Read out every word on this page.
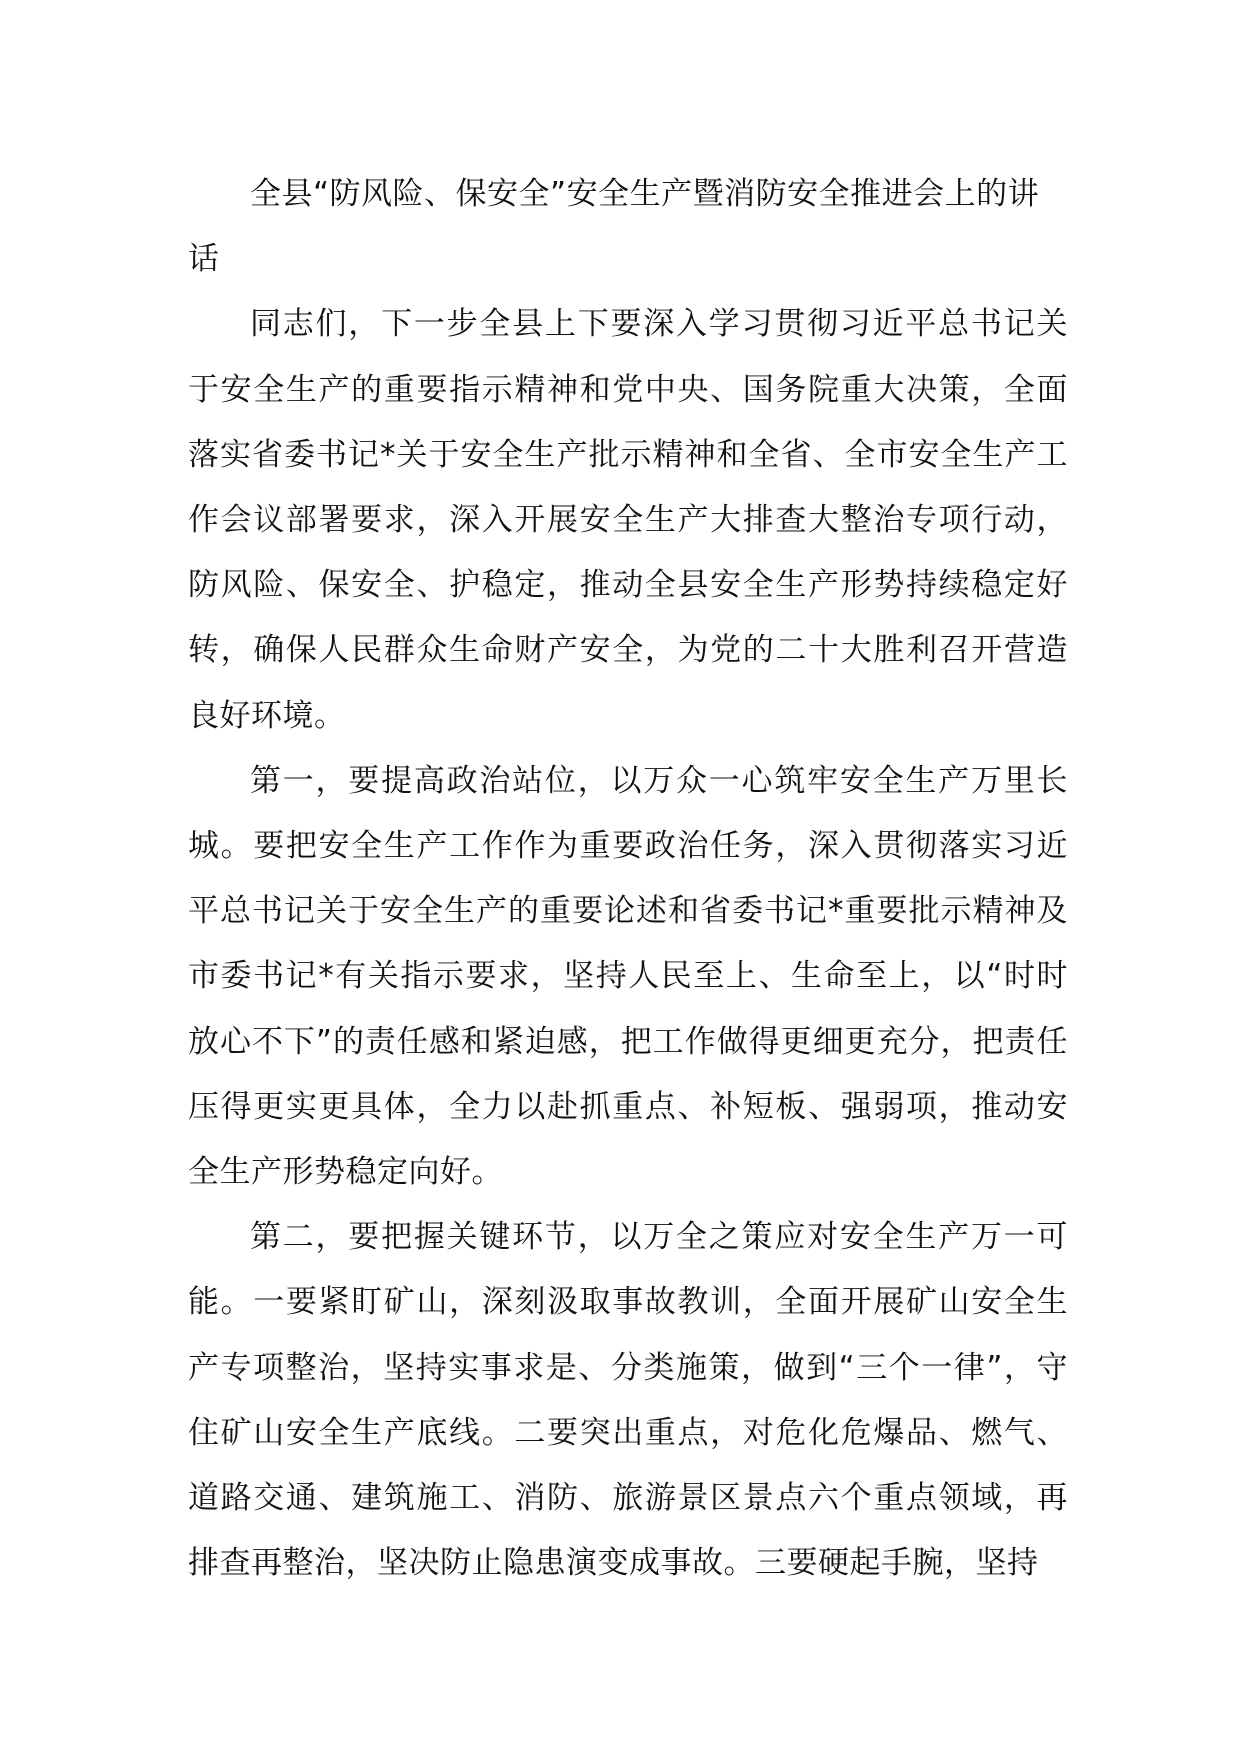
全县“防风险、保安全”安全生产暨消防安全推进会上的讲话

同志们，下一步全县上下要深入学习贯彻习近平总书记关于安全生产的重要指示精神和党中央、国务院重大决策，全面落实省委书记*关于安全生产批示精神和全省、全市安全生产工作会议部署要求，深入开展安全生产大排查大整治专项行动，防风险、保安全、护稳定，推动全县安全生产形势持续稳定好转，确保人民群众生命财产安全，为党的二十大胜利召开营造良好环境。

第一，要提高政治站位，以万众一心筑牢安全生产万里长城。要把安全生产工作作为重要政治任务，深入贯彻落实习近平总书记关于安全生产的重要论述和省委书记*重要批示精神及市委书记*有关指示要求，坚持人民至上、生命至上，以“时时放心不下”的责任感和紧迫感，把工作做得更细更充分，把责任压得更实更具体，全力以赴抓重点、补短板、强弱项，推动安全生产形势稳定向好。

第二，要把握关键环节，以万全之策应对安全生产万一可能。一要紧盯矿山，深刻汲取事故教训，全面开展矿山安全生产专项整治，坚持实事求是、分类施策，做到“三个一律”，守住矿山安全生产底线。二要突出重点，对危化危爆品、燃气、道路交通、建筑施工、消防、旅游景区景点六个重点领域，再排查再整治，坚决防止隐患演变成事故。三要硬起手腕，坚持
